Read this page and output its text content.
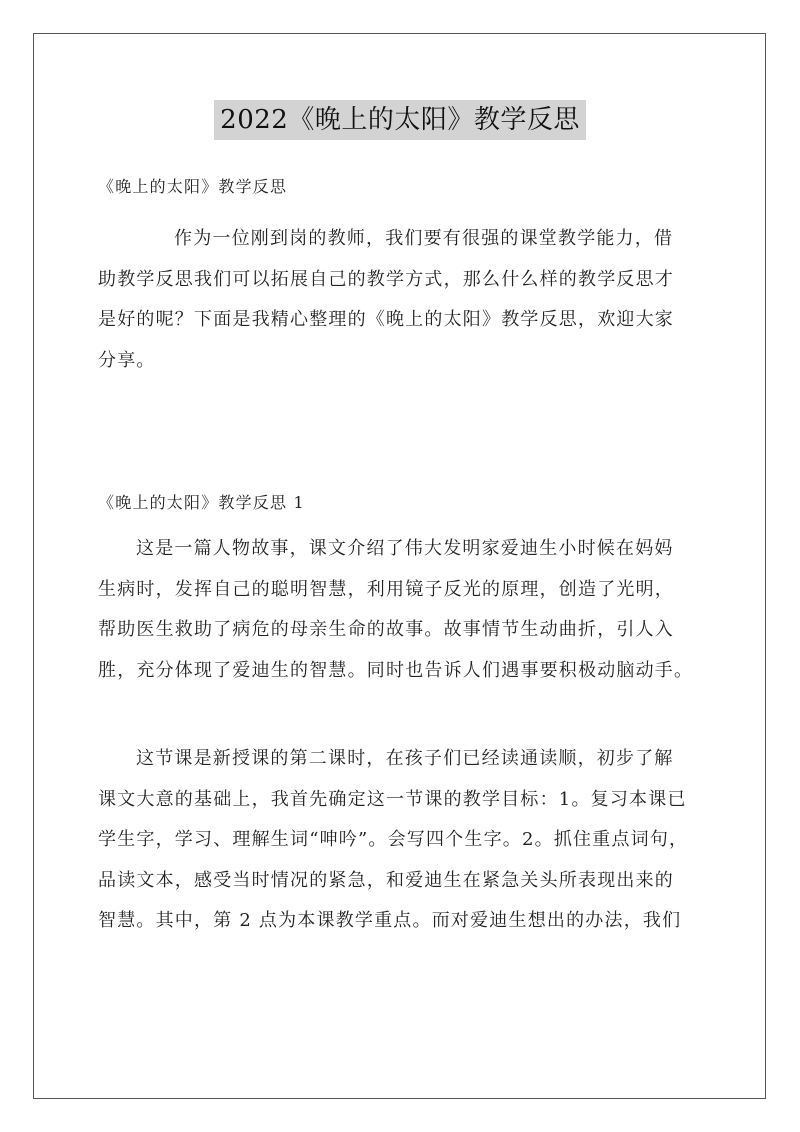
2022《晚上的太阳》教学反思
《晚上的太阳》教学反思
作为一位刚到岗的教师，我们要有很强的课堂教学能力，借
助教学反思我们可以拓展自己的教学方式，那么什么样的教学反思才
是好的呢？下面是我精心整理的《晚上的太阳》教学反思，欢迎大家
分享。
《晚上的太阳》教学反思 1
这是一篇人物故事，课文介绍了伟大发明家爱迪生小时候在妈妈
生病时，发挥自己的聪明智慧，利用镜子反光的原理，创造了光明，
帮助医生救助了病危的母亲生命的故事。故事情节生动曲折，引人入
胜，充分体现了爱迪生的智慧。同时也告诉人们遇事要积极动脑动手。
这节课是新授课的第二课时，在孩子们已经读通读顺，初步了解
课文大意的基础上，我首先确定这一节课的教学目标：1。复习本课已
学生字，学习、理解生词“呻吟”。会写四个生字。2。抓住重点词句，
品读文本，感受当时情况的紧急，和爱迪生在紧急关头所表现出来的
智慧。其中，第 2 点为本课教学重点。而对爱迪生想出的办法，我们
